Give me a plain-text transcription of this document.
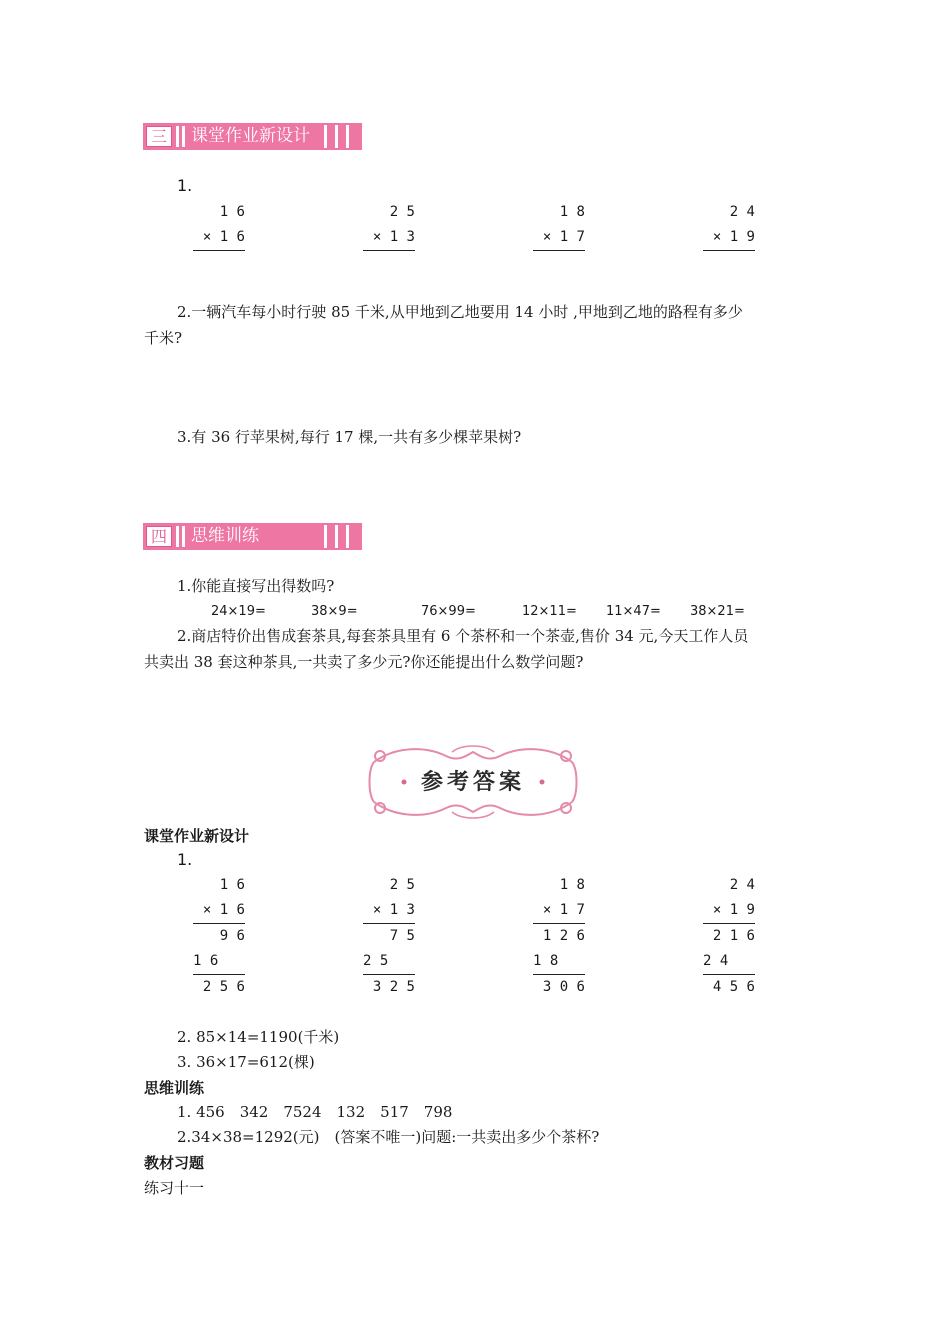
三 课堂作业新设计
1.
1 6
× 1 6
2 5
× 1 3
1 8
× 1 7
2 4
× 1 9
2.一辆汽车每小时行驶 85 千米,从甲地到乙地要用 14 小时 ,甲地到乙地的路程有多少
千米?
3.有 36 行苹果树,每行 17 棵,一共有多少棵苹果树?
四 思维训练
1.你能直接写出得数吗?
24×19=	38×9=	76×99=	12×11= 11×47= 38×21=
2.商店特价出售成套茶具,每套茶具里有 6 个茶杯和一个茶壶,售价 34 元,今天工作人员
共卖出 38 套这种茶具,一共卖了多少元?你还能提出什么数学问题?
参考答案
课堂作业新设计
1.
1 6
× 1 6
9 6
1 6
2 5 6
2 5
× 1 3
7 5
2 5
3 2 5
1 8
× 1 7
1 2 6
1 8
3 0 6
2 4
× 1 9
2 1 6
2 4
4 5 6
2. 85×14=1190(千米)
3. 36×17=612(棵)
思维训练
1. 456　342　7524　132　517　798
2.34×38=1292(元)　(答案不唯一)问题:一共卖出多少个茶杯?
教材习题
练习十一
